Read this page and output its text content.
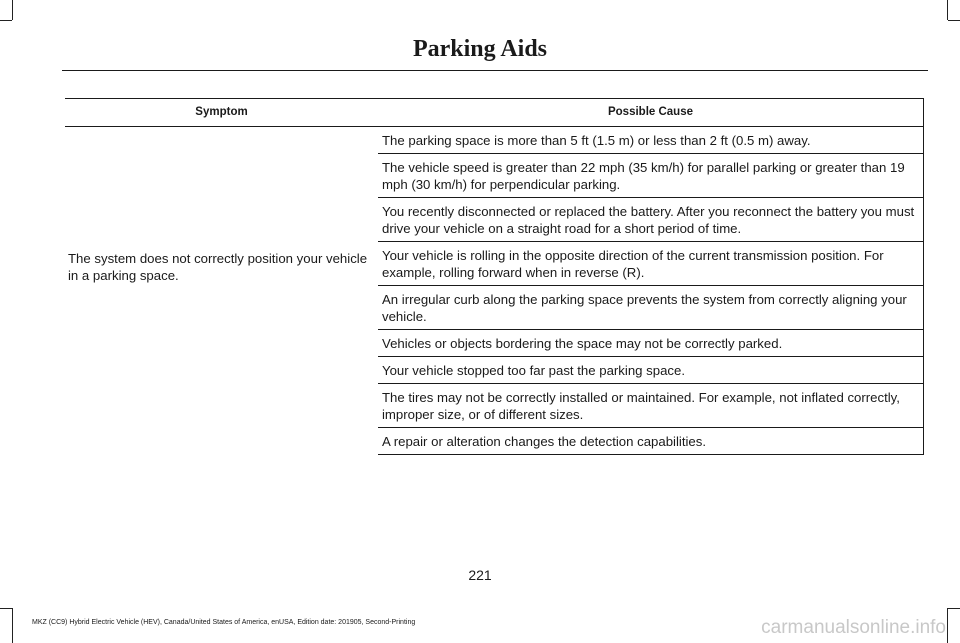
Parking Aids
Symptom	Possible Cause

	The parking space is more than 5 ft (1.5 m) or less than 2 ft (0.5 m) away.

	The vehicle speed is greater than 22 mph (35 km/h) for parallel parking or greater than 19 mph (30 km/h) for perpendicular parking.

	You recently disconnected or replaced the battery. After you reconnect the battery you must drive your vehicle on a straight road for a short period of time.

The system does not correctly position your vehicle in a parking space.	Your vehicle is rolling in the opposite direction of the current transmission position. For example, rolling forward when in reverse (R).

	An irregular curb along the parking space prevents the system from correctly aligning your vehicle.

	Vehicles or objects bordering the space may not be correctly parked.

	Your vehicle stopped too far past the parking space.

	The tires may not be correctly installed or maintained. For example, not inflated correctly, improper size, or of different sizes.

	A repair or alteration changes the detection capabilities.
221
MKZ (CC9) Hybrid Electric Vehicle (HEV), Canada/United States of America, enUSA, Edition date: 201905, Second-Printing	carmanualsonline.info
